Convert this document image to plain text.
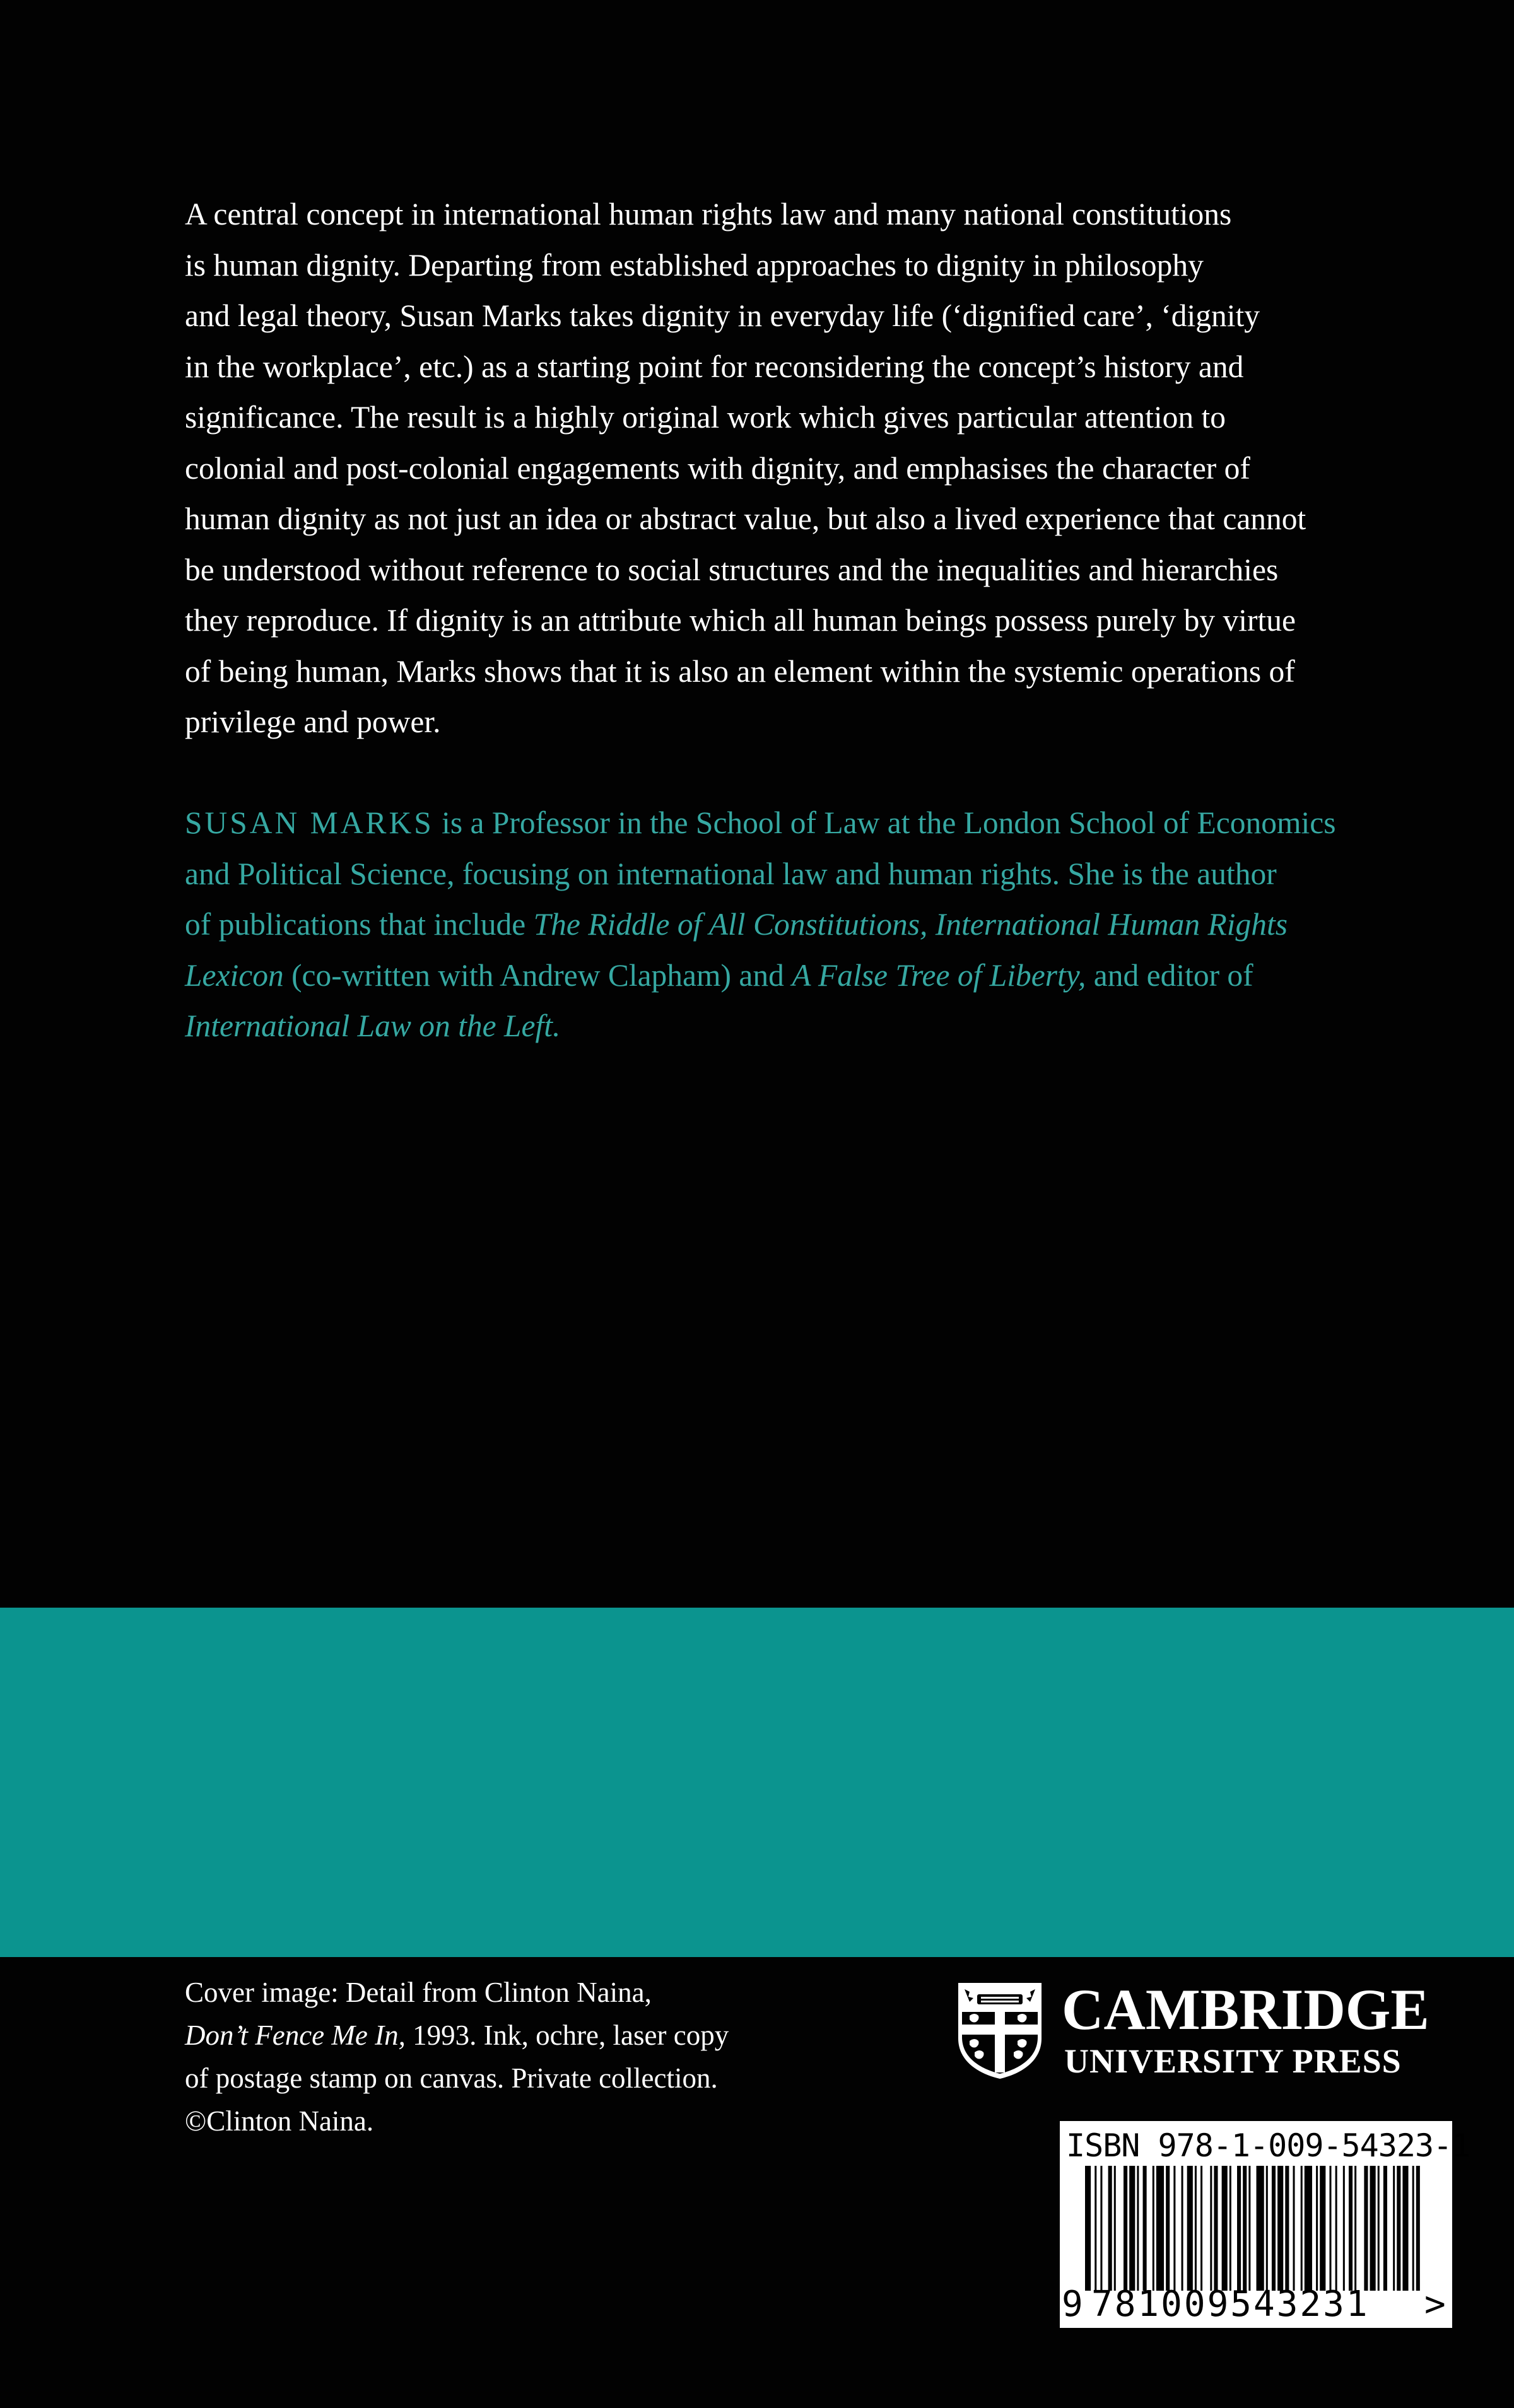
A central concept in international human rights law and many national constitutions
is human dignity. Departing from established approaches to dignity in philosophy
and legal theory, Susan Marks takes dignity in everyday life (‘dignified care’, ‘dignity
in the workplace’, etc.) as a starting point for reconsidering the concept’s history and
significance. The result is a highly original work which gives particular attention to
colonial and post-colonial engagements with dignity, and emphasises the character of
human dignity as not just an idea or abstract value, but also a lived experience that cannot
be understood without reference to social structures and the inequalities and hierarchies
they reproduce. If dignity is an attribute which all human beings possess purely by virtue
of being human, Marks shows that it is also an element within the systemic operations of
privilege and power.
SUSAN MARKS is a Professor in the School of Law at the London School of Economics
and Political Science, focusing on international law and human rights. She is the author
of publications that include The Riddle of All Constitutions, International Human Rights
Lexicon (co-written with Andrew Clapham) and A False Tree of Liberty, and editor of
International Law on the Left.
Cover image: Detail from Clinton Naina,
Don’t Fence Me In, 1993. Ink, ochre, laser copy
of postage stamp on canvas. Private collection.
©Clinton Naina.
CAMBRIDGE
UNIVERSITY PRESS
ISBN 978-1-009-54323-1
9 781009543231	>
